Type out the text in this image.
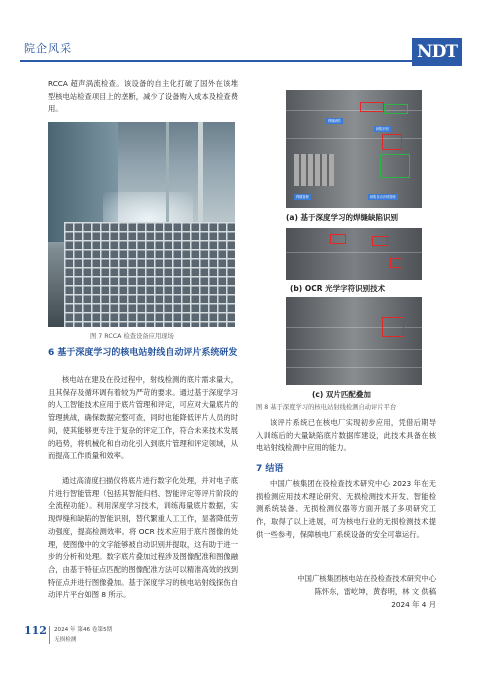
院企风采	NDT
RCCA 超声涡流检查。该设备的自主化打破了国外在该堆型核电站检查项目上的垄断，减少了设备购入成本及检查费用。
图 7 RCCA 检查设备应用现场
6 基于深度学习的核电站射线自动评片系统研发
核电站在建及在役过程中，射线检测的底片需求量大，且其保存及循环调有着较为严苛的要求。通过基于深度学习的人工智能技术应用于底片管理和评定，可应对大量底片的管理挑战，确保数据完整可查，同时也能降低评片人员的时间，使其能够更专注于复杂的评定工作，符合未来技术发展的趋势，将机械化和自动化引入到底片管理和评定领域，从而提高工作质量和效率。
通过高清度扫描仪将底片进行数字化处理，并对电子底片进行智能管理（包括其智能归档、智能评定等评片阶段的全流程功能）。利用深度学习技术，训练海量底片数据，实现焊缝和缺陷的智能识别，替代繁重人工工作，显著降低劳动强度，提高检测效率。将 OCR 技术应用于底片图像的处理，使图像中的文字能够被自动识别并提取，这有助于进一步的分析和处理。数字底片叠加过程涉及图像配准和图像融合，由基于特征点匹配的图像配准方法可以精准高效的找到特征点并进行图像叠加。基于深度学习的核电站射线探伤自动评片平台如图 8 所示。
焊缝缺陷
缺陷识别
焊缝管理	缺陷自动识别管理
(a) 基于深度学习的焊缝缺陷识别
(b) OCR 光学字符识别技术
(c) 双片匹配叠加
图 8 基于深度学习的核电站射线检测自动评片平台
该评片系统已在核电厂实现初步应用，凭借后期导入训练后的大量缺陷底片数据库建设，此技术具备在核电站射线检测中应用的能力。
7 结语
中国广核集团在役检查技术研究中心 2023 年在无损检测应用技术理论研究、无损检测技术开发、智能检测系统装备、无损检测仪器等方面开展了多项研究工作，取得了以上进展，可为核电行业的无损检测技术提供一些参考，保障核电厂系统设备的安全可靠运行。
中国广核集团核电站在役检查技术研究中心
陈怀东，雷屹坤，黄春明，林 文 供稿
2024 年 4 月
112 2024 年 第46 卷第5期
无损检测
